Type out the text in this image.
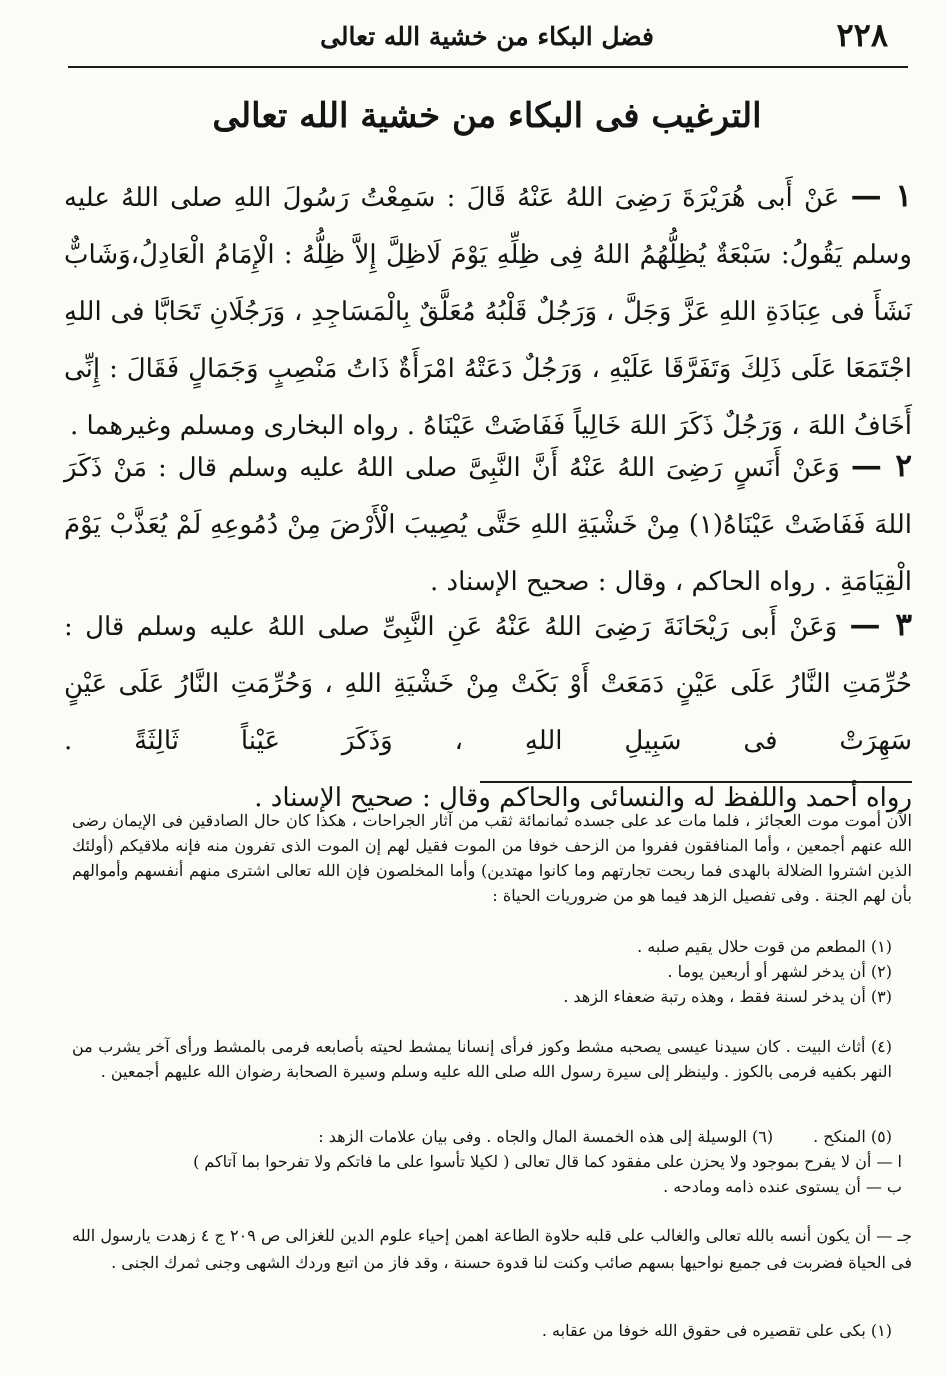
٢٢٨
فضل البكاء من خشية الله تعالى
الترغيب فى البكاء من خشية الله تعالى

١ — عَنْ أَبى هُرَيْرَةَ رَضِىَ اللهُ عَنْهُ قَالَ : سَمِعْتُ رَسُولَ اللهِ صلى اللهُ عليه وسلم يَقُولُ: سَبْعَةٌ يُظِلُّهُمُ اللهُ فِى ظِلِّهِ يَوْمَ لَاظِلَّ إِلاَّ ظِلُّهُ : الْإِمَامُ الْعَادِلُ،وَشَابٌّ نَشَأَ فى عِبَادَةِ اللهِ عَزَّ وَجَلَّ ، وَرَجُلٌ قَلْبُهُ مُعَلَّقٌ بِالْمَسَاجِدِ ، وَرَجُلَانِ تَحَابَّا فى اللهِ اجْتَمَعَا عَلَى ذَلِكَ وَتَفَرَّقَا عَلَيْهِ ، وَرَجُلٌ دَعَتْهُ امْرَأَةٌ ذَاتُ مَنْصِبٍ وَجَمَالٍ فَقَالَ : إِنِّى أَخَافُ اللهَ ، وَرَجُلٌ ذَكَرَ اللهَ خَالِياً فَفَاضَتْ عَيْنَاهُ . رواه البخارى ومسلم وغيرهما .

٢ — وَعَنْ أَنَسٍ رَضِىَ اللهُ عَنْهُ أَنَّ النَّبِىَّ صلى اللهُ عليه وسلم قال : مَنْ ذَكَرَ اللهَ فَفَاضَتْ عَيْنَاهُ(١) مِنْ خَشْيَةِ اللهِ حَتَّى يُصِيبَ الْأَرْضَ مِنْ دُمُوعِهِ لَمْ يُعَذَّبْ يَوْمَ الْقِيَامَةِ . رواه الحاكم ، وقال : صحيح الإسناد .

٣ — وَعَنْ أَبى رَيْحَانَةَ رَضِىَ اللهُ عَنْهُ عَنِ النَّبِىِّ صلى اللهُ عليه وسلم قال : حُرِّمَتِ النَّارُ عَلَى عَيْنٍ دَمَعَتْ أَوْ بَكَتْ مِنْ خَشْيَةِ اللهِ ، وَحُرِّمَتِ النَّارُ عَلَى عَيْنٍ سَهِرَتْ فى سَبِيلِ اللهِ ، وَذَكَرَ عَيْناً ثَالِثَةً . رواه أحمد واللفظ له والنسائى والحاكم وقال : صحيح الإسناد .

الآن أموت موت العجائز ، فلما مات عد على جسده ثمانمائة ثقب من آثار الجراحات ، هكذا كان حال الصادقين فى الإيمان رضى الله عنهم أجمعين ، وأما المنافقون ففروا من الزحف خوفا من الموت فقيل لهم إن الموت الذى تفرون منه فإنه ملاقيكم (أولئك الذين اشتروا الضلالة بالهدى فما ربحت تجارتهم وما كانوا مهتدين) وأما المخلصون فإن الله تعالى اشترى منهم أنفسهم وأموالهم بأن لهم الجنة . وفى تفصيل الزهد فيما هو من ضروريات الحياة :

(١) المطعم من قوت حلال يقيم صلبه .

(٢) أن يدخر لشهر أو أربعين يوما .

(٣) أن يدخر لسنة فقط ، وهذه رتبة ضعفاء الزهد .

(٤) أثاث البيت . كان سيدنا عيسى يصحبه مشط وكوز فرأى إنسانا يمشط لحيته بأصابعه فرمى بالمشط ورأى آخر يشرب من النهر بكفيه فرمى بالكوز . ولينظر إلى سيرة رسول الله صلى الله عليه وسلم وسيرة الصحابة رضوان الله عليهم أجمعين .

(٥) المنكح .
(٦) الوسيلة إلى هذه الخمسة المال والجاه . وفى بيان علامات الزهد :

ا — أن لا يفرح بموجود ولا يحزن على مفقود كما قال تعالى ( لكيلا تأسوا على ما فاتكم ولا تفرحوا بما آتاكم )

ب — أن يستوى عنده ذامه ومادحه .

جـ — أن يكون أنسه بالله تعالى والغالب على قلبه حلاوة الطاعة اهمن إحياء علوم الدين للغزالى ص ٢٠٩ ج ٤ زهدت يارسول الله فى الحياة فضربت فى جميع نواحيها بسهم صائب وكنت لنا قدوة حسنة ، وقد فاز من اتبع وردك الشهى وجنى ثمرك الجنى .

(١) بكى على تقصيره فى حقوق الله خوفا من عقابه .
